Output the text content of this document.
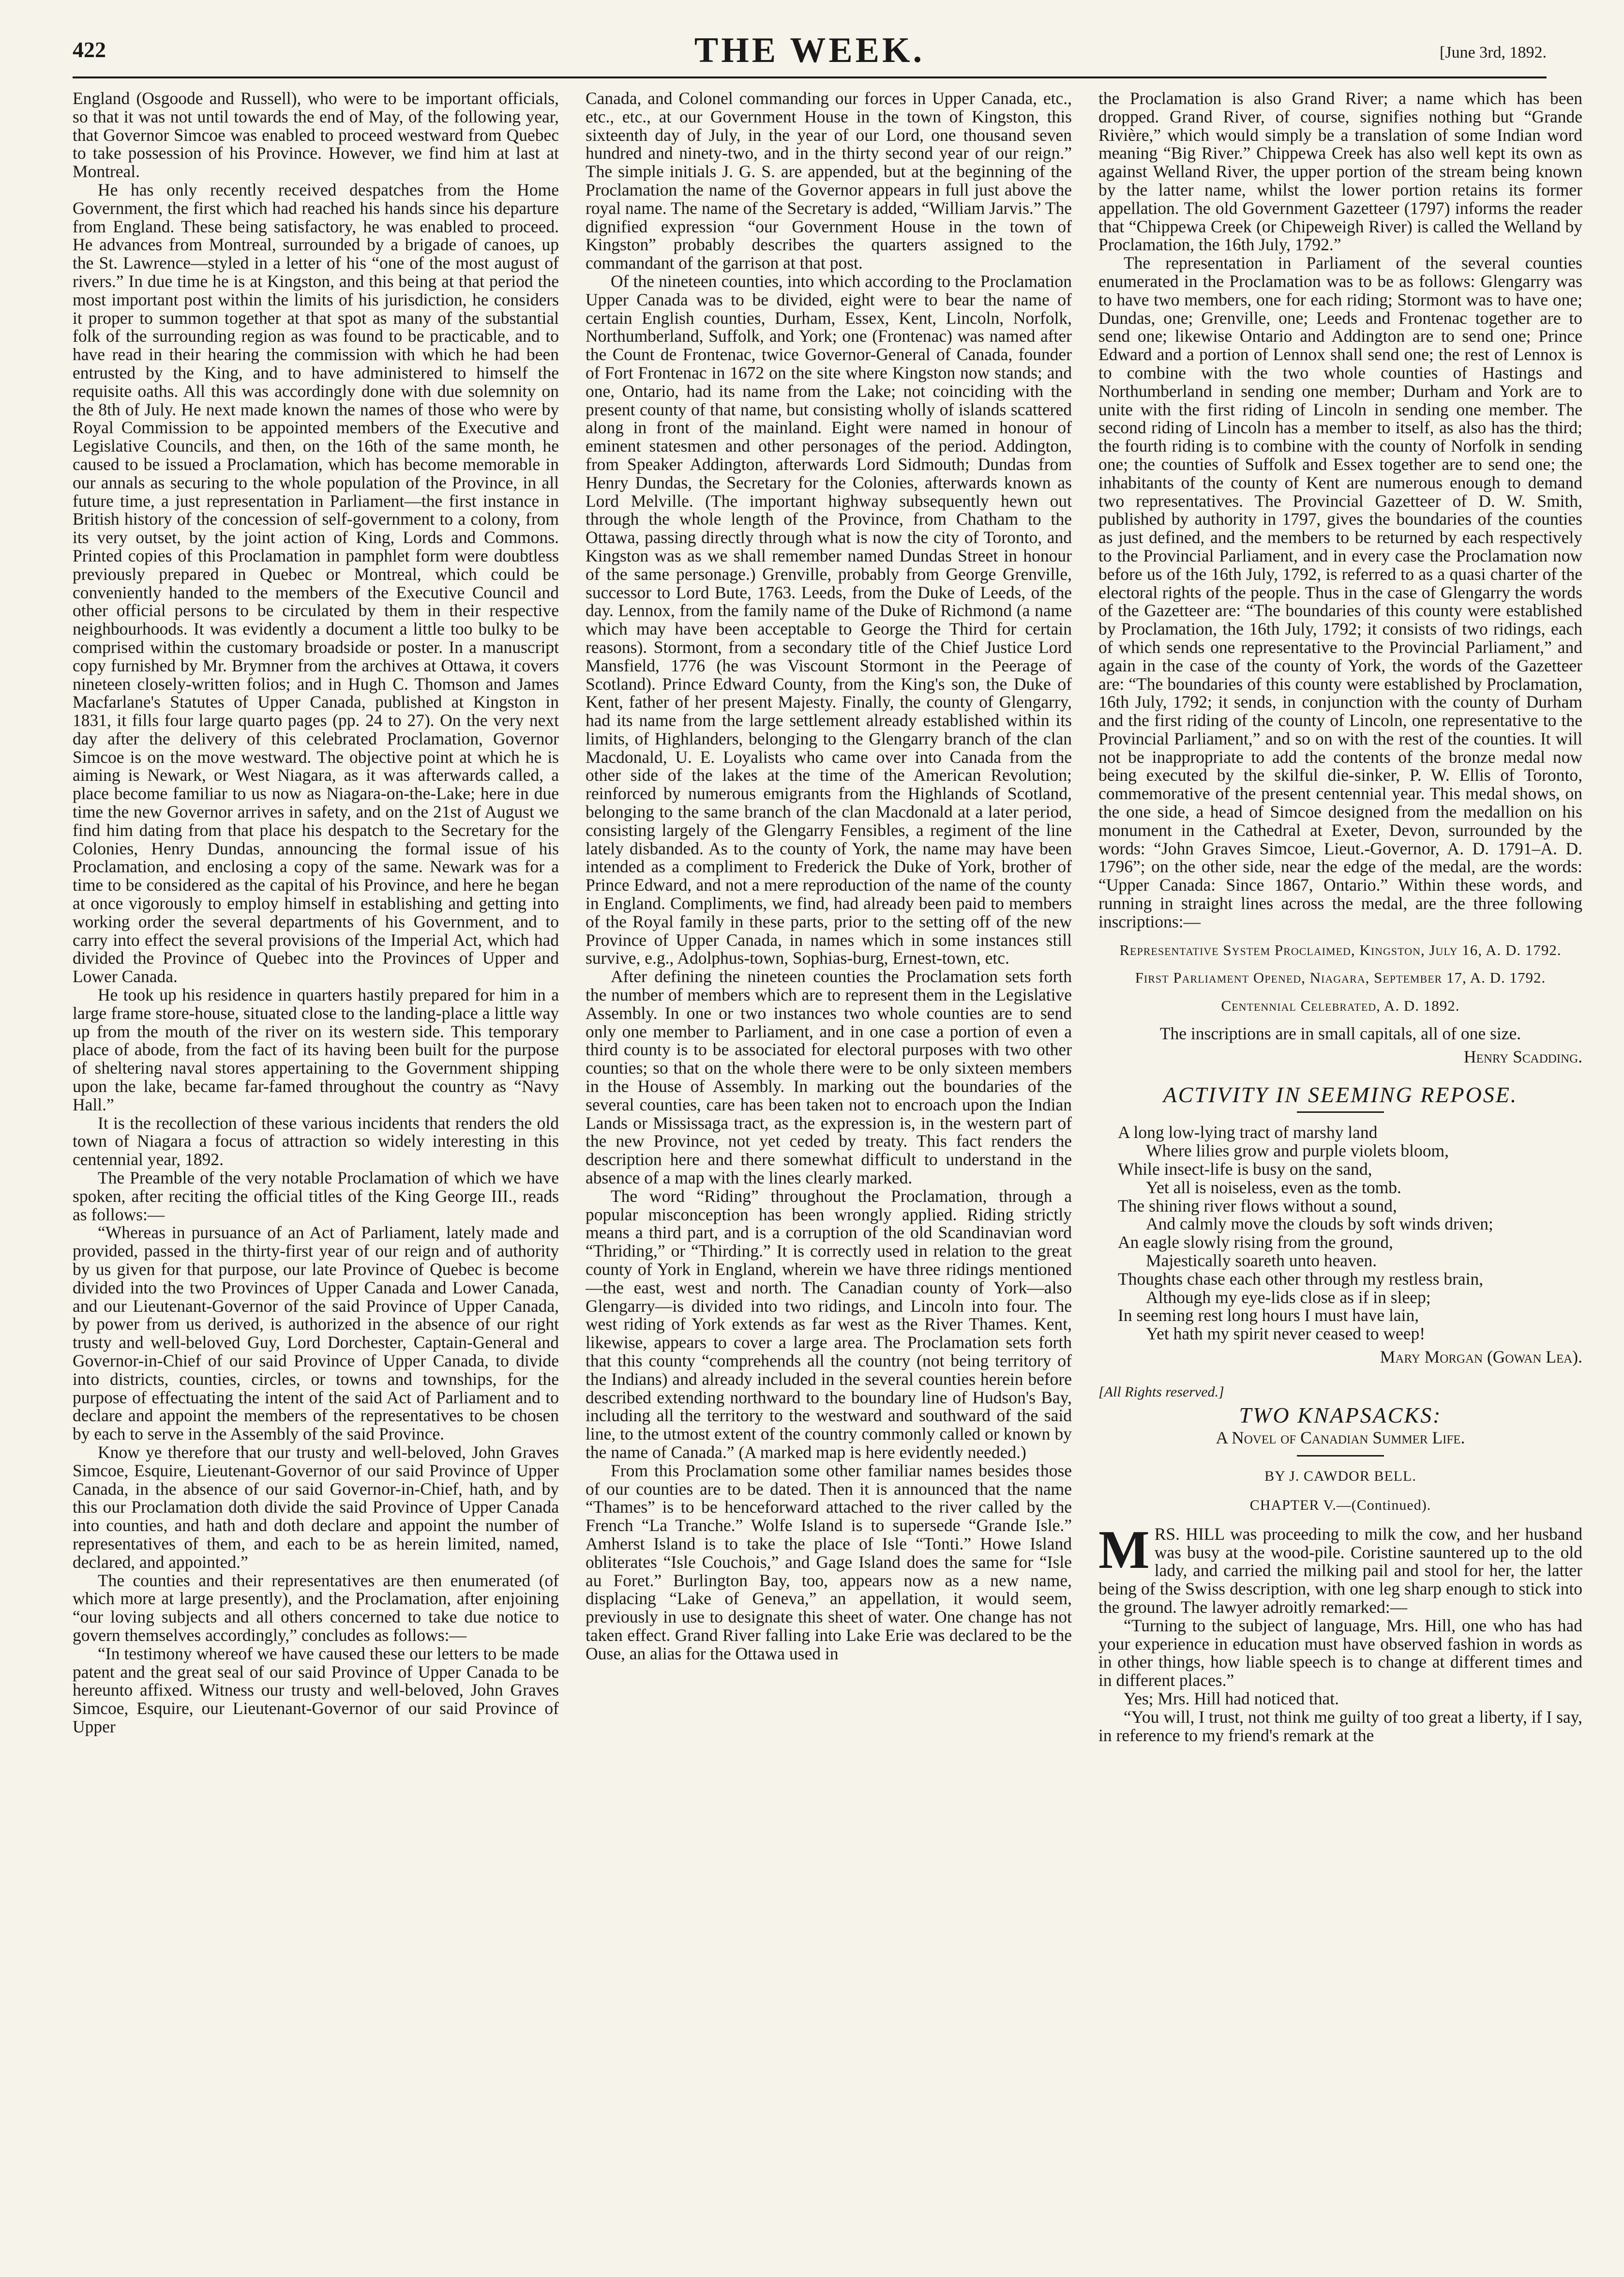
422	THE WEEK.	[June 3rd, 1892.

England (Osgoode and Russell), who were to be important officials, so that it was not until towards the end of May, of the following year, that Governor Simcoe was enabled to proceed westward from Quebec to take possession of his Province. However, we find him at last at Montreal.

He has only recently received despatches from the Home Government, the first which had reached his hands since his departure from England. These being satisfactory, he was enabled to proceed. He advances from Montreal, surrounded by a brigade of canoes, up the St. Lawrence—styled in a letter of his “one of the most august of rivers.” In due time he is at Kingston, and this being at that period the most important post within the limits of his jurisdiction, he considers it proper to summon together at that spot as many of the substantial folk of the surrounding region as was found to be practicable, and to have read in their hearing the commission with which he had been entrusted by the King, and to have administered to himself the requisite oaths. All this was accordingly done with due solemnity on the 8th of July. He next made known the names of those who were by Royal Commission to be appointed members of the Executive and Legislative Councils, and then, on the 16th of the same month, he caused to be issued a Proclamation, which has become memorable in our annals as securing to the whole population of the Province, in all future time, a just representation in Parliament—the first instance in British history of the concession of self-government to a colony, from its very outset, by the joint action of King, Lords and Commons. Printed copies of this Proclamation in pamphlet form were doubtless previously prepared in Quebec or Montreal, which could be conveniently handed to the members of the Executive Council and other official persons to be circulated by them in their respective neighbourhoods. It was evidently a document a little too bulky to be comprised within the customary broadside or poster. In a manuscript copy furnished by Mr. Brymner from the archives at Ottawa, it covers nineteen closely-written folios; and in Hugh C. Thomson and James Macfarlane's Statutes of Upper Canada, published at Kingston in 1831, it fills four large quarto pages (pp. 24 to 27). On the very next day after the delivery of this celebrated Proclamation, Governor Simcoe is on the move westward. The objective point at which he is aiming is Newark, or West Niagara, as it was afterwards called, a place become familiar to us now as Niagara-on-the-Lake; here in due time the new Governor arrives in safety, and on the 21st of August we find him dating from that place his despatch to the Secretary for the Colonies, Henry Dundas, announcing the formal issue of his Proclamation, and enclosing a copy of the same. Newark was for a time to be considered as the capital of his Province, and here he began at once vigorously to employ himself in establishing and getting into working order the several departments of his Government, and to carry into effect the several provisions of the Imperial Act, which had divided the Province of Quebec into the Provinces of Upper and Lower Canada.

He took up his residence in quarters hastily prepared for him in a large frame store-house, situated close to the landing-place a little way up from the mouth of the river on its western side. This temporary place of abode, from the fact of its having been built for the purpose of sheltering naval stores appertaining to the Government shipping upon the lake, became far-famed throughout the country as “Navy Hall.”

It is the recollection of these various incidents that renders the old town of Niagara a focus of attraction so widely interesting in this centennial year, 1892.

The Preamble of the very notable Proclamation of which we have spoken, after reciting the official titles of the King George III., reads as follows:—

“Whereas in pursuance of an Act of Parliament, lately made and provided, passed in the thirty-first year of our reign and of authority by us given for that purpose, our late Province of Quebec is become divided into the two Provinces of Upper Canada and Lower Canada, and our Lieutenant-Governor of the said Province of Upper Canada, by power from us derived, is authorized in the absence of our right trusty and well-beloved Guy, Lord Dorchester, Captain-General and Governor-in-Chief of our said Province of Upper Canada, to divide into districts, counties, circles, or towns and townships, for the purpose of effectuating the intent of the said Act of Parliament and to declare and appoint the members of the representatives to be chosen by each to serve in the Assembly of the said Province.

Know ye therefore that our trusty and well-beloved, John Graves Simcoe, Esquire, Lieutenant-Governor of our said Province of Upper Canada, in the absence of our said Governor-in-Chief, hath, and by this our Proclamation doth divide the said Province of Upper Canada into counties, and hath and doth declare and appoint the number of representatives of them, and each to be as herein limited, named, declared, and appointed.”

The counties and their representatives are then enumerated (of which more at large presently), and the Proclamation, after enjoining “our loving subjects and all others concerned to take due notice to govern themselves accordingly,” concludes as follows:—

“In testimony whereof we have caused these our letters to be made patent and the great seal of our said Province of Upper Canada to be hereunto affixed. Witness our trusty and well-beloved, John Graves Simcoe, Esquire, our Lieutenant-Governor of our said Province of Upper

Canada, and Colonel commanding our forces in Upper Canada, etc., etc., etc., at our Government House in the town of Kingston, this sixteenth day of July, in the year of our Lord, one thousand seven hundred and ninety-two, and in the thirty second year of our reign.” The simple initials J. G. S. are appended, but at the beginning of the Proclamation the name of the Governor appears in full just above the royal name. The name of the Secretary is added, “William Jarvis.” The dignified expression “our Government House in the town of Kingston” probably describes the quarters assigned to the commandant of the garrison at that post.

Of the nineteen counties, into which according to the Proclamation Upper Canada was to be divided, eight were to bear the name of certain English counties, Durham, Essex, Kent, Lincoln, Norfolk, Northumberland, Suffolk, and York; one (Frontenac) was named after the Count de Frontenac, twice Governor-General of Canada, founder of Fort Frontenac in 1672 on the site where Kingston now stands; and one, Ontario, had its name from the Lake; not coinciding with the present county of that name, but consisting wholly of islands scattered along in front of the mainland. Eight were named in honour of eminent statesmen and other personages of the period. Addington, from Speaker Addington, afterwards Lord Sidmouth; Dundas from Henry Dundas, the Secretary for the Colonies, afterwards known as Lord Melville. (The important highway subsequently hewn out through the whole length of the Province, from Chatham to the Ottawa, passing directly through what is now the city of Toronto, and Kingston was as we shall remember named Dundas Street in honour of the same personage.) Grenville, probably from George Grenville, successor to Lord Bute, 1763. Leeds, from the Duke of Leeds, of the day. Lennox, from the family name of the Duke of Richmond (a name which may have been acceptable to George the Third for certain reasons). Stormont, from a secondary title of the Chief Justice Lord Mansfield, 1776 (he was Viscount Stormont in the Peerage of Scotland). Prince Edward County, from the King's son, the Duke of Kent, father of her present Majesty. Finally, the county of Glengarry, had its name from the large settlement already established within its limits, of Highlanders, belonging to the Glengarry branch of the clan Macdonald, U. E. Loyalists who came over into Canada from the other side of the lakes at the time of the American Revolution; reinforced by numerous emigrants from the Highlands of Scotland, belonging to the same branch of the clan Macdonald at a later period, consisting largely of the Glengarry Fensibles, a regiment of the line lately disbanded. As to the county of York, the name may have been intended as a compliment to Frederick the Duke of York, brother of Prince Edward, and not a mere reproduction of the name of the county in England. Compliments, we find, had already been paid to members of the Royal family in these parts, prior to the setting off of the new Province of Upper Canada, in names which in some instances still survive, e.g., Adolphus-town, Sophias-burg, Ernest-town, etc.

After defining the nineteen counties the Proclamation sets forth the number of members which are to represent them in the Legislative Assembly. In one or two instances two whole counties are to send only one member to Parliament, and in one case a portion of even a third county is to be associated for electoral purposes with two other counties; so that on the whole there were to be only sixteen members in the House of Assembly. In marking out the boundaries of the several counties, care has been taken not to encroach upon the Indian Lands or Mississaga tract, as the expression is, in the western part of the new Province, not yet ceded by treaty. This fact renders the description here and there somewhat difficult to understand in the absence of a map with the lines clearly marked.

The word “Riding” throughout the Proclamation, through a popular misconception has been wrongly applied. Riding strictly means a third part, and is a corruption of the old Scandinavian word “Thriding,” or “Thirding.” It is correctly used in relation to the great county of York in England, wherein we have three ridings mentioned—the east, west and north. The Canadian county of York—also Glengarry—is divided into two ridings, and Lincoln into four. The west riding of York extends as far west as the River Thames. Kent, likewise, appears to cover a large area. The Proclamation sets forth that this county “comprehends all the country (not being territory of the Indians) and already included in the several counties herein before described extending northward to the boundary line of Hudson's Bay, including all the territory to the westward and southward of the said line, to the utmost extent of the country commonly called or known by the name of Canada.” (A marked map is here evidently needed.)

From this Proclamation some other familiar names besides those of our counties are to be dated. Then it is announced that the name “Thames” is to be henceforward attached to the river called by the French “La Tranche.” Wolfe Island is to supersede “Grande Isle.” Amherst Island is to take the place of Isle “Tonti.” Howe Island obliterates “Isle Couchois,” and Gage Island does the same for “Isle au Foret.” Burlington Bay, too, appears now as a new name, displacing “Lake of Geneva,” an appellation, it would seem, previously in use to designate this sheet of water. One change has not taken effect. Grand River falling into Lake Erie was declared to be the Ouse, an alias for the Ottawa used in

the Proclamation is also Grand River; a name which has been dropped. Grand River, of course, signifies nothing but “Grande Rivière,” which would simply be a translation of some Indian word meaning “Big River.” Chippewa Creek has also well kept its own as against Welland River, the upper portion of the stream being known by the latter name, whilst the lower portion retains its former appellation. The old Government Gazetteer (1797) informs the reader that “Chippewa Creek (or Chipeweigh River) is called the Welland by Proclamation, the 16th July, 1792.”

The representation in Parliament of the several counties enumerated in the Proclamation was to be as follows: Glengarry was to have two members, one for each riding; Stormont was to have one; Dundas, one; Grenville, one; Leeds and Frontenac together are to send one; likewise Ontario and Addington are to send one; Prince Edward and a portion of Lennox shall send one; the rest of Lennox is to combine with the two whole counties of Hastings and Northumberland in sending one member; Durham and York are to unite with the first riding of Lincoln in sending one member. The second riding of Lincoln has a member to itself, as also has the third; the fourth riding is to combine with the county of Norfolk in sending one; the counties of Suffolk and Essex together are to send one; the inhabitants of the county of Kent are numerous enough to demand two representatives. The Provincial Gazetteer of D. W. Smith, published by authority in 1797, gives the boundaries of the counties as just defined, and the members to be returned by each respectively to the Provincial Parliament, and in every case the Proclamation now before us of the 16th July, 1792, is referred to as a quasi charter of the electoral rights of the people. Thus in the case of Glengarry the words of the Gazetteer are: “The boundaries of this county were established by Proclamation, the 16th July, 1792; it consists of two ridings, each of which sends one representative to the Provincial Parliament,” and again in the case of the county of York, the words of the Gazetteer are: “The boundaries of this county were established by Proclamation, 16th July, 1792; it sends, in conjunction with the county of Durham and the first riding of the county of Lincoln, one representative to the Provincial Parliament,” and so on with the rest of the counties. It will not be inappropriate to add the contents of the bronze medal now being executed by the skilful die-sinker, P. W. Ellis of Toronto, commemorative of the present centennial year. This medal shows, on the one side, a head of Simcoe designed from the medallion on his monument in the Cathedral at Exeter, Devon, surrounded by the words: “John Graves Simcoe, Lieut.-Governor, A. D. 1791–A. D. 1796”; on the other side, near the edge of the medal, are the words: “Upper Canada: Since 1867, Ontario.” Within these words, and running in straight lines across the medal, are the three following inscriptions:—

Representative System Proclaimed, Kingston, July 16, A. D. 1792.
First Parliament Opened, Niagara, September 17, A. D. 1792.
Centennial Celebrated, A. D. 1892.
The inscriptions are in small capitals, all of one size.
Henry Scadding.
ACTIVITY IN SEEMING REPOSE.
A long low-lying tract of marshy land
Where lilies grow and purple violets bloom,
While insect-life is busy on the sand,
Yet all is noiseless, even as the tomb.
The shining river flows without a sound,
And calmly move the clouds by soft winds driven;
An eagle slowly rising from the ground,
Majestically soareth unto heaven.
Thoughts chase each other through my restless brain,
Although my eye-lids close as if in sleep;
In seeming rest long hours I must have lain,
Yet hath my spirit never ceased to weep!
Mary Morgan (Gowan Lea).
[All Rights reserved.]
TWO KNAPSACKS:
A Novel of Canadian Summer Life.
BY J. CAWDOR BELL.
CHAPTER V.—(Continued).

MRS. HILL was proceeding to milk the cow, and her husband was busy at the wood-pile. Coristine sauntered up to the old lady, and carried the milking pail and stool for her, the latter being of the Swiss description, with one leg sharp enough to stick into the ground. The lawyer adroitly remarked:—

“Turning to the subject of language, Mrs. Hill, one who has had your experience in education must have observed fashion in words as in other things, how liable speech is to change at different times and in different places.”

Yes; Mrs. Hill had noticed that.

“You will, I trust, not think me guilty of too great a liberty, if I say, in reference to my friend's remark at the
